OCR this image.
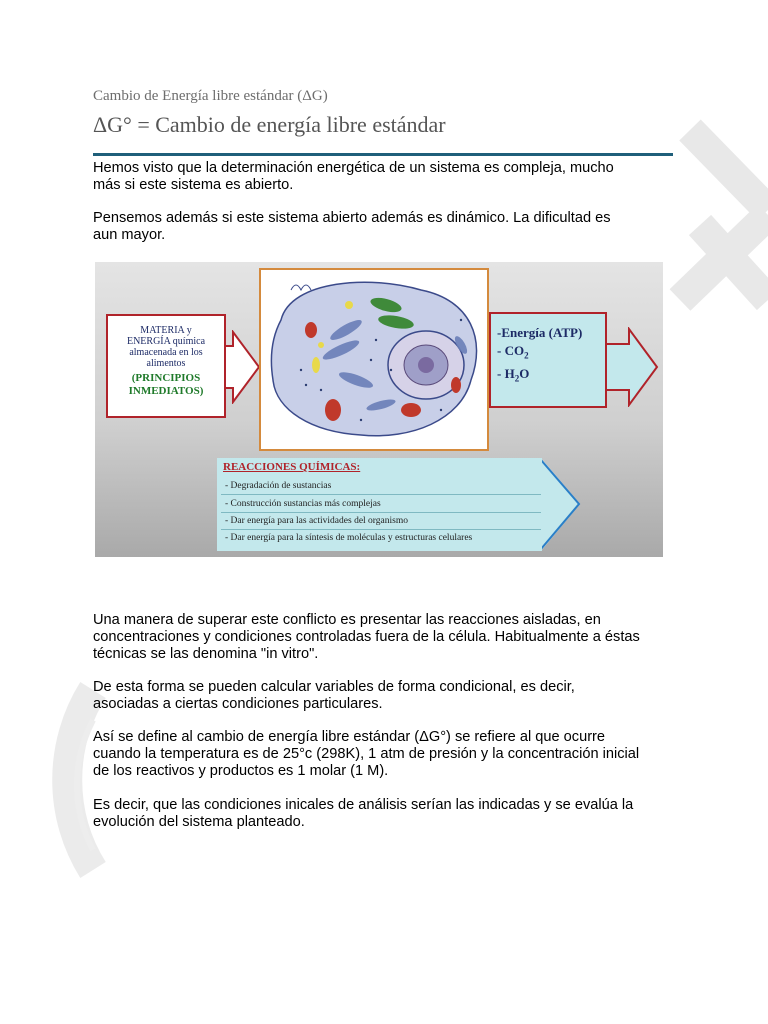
Cambio de Energía libre estándar (ΔG)
ΔG° = Cambio de energía libre estándar
Hemos visto que la determinación energética de un sistema es compleja, mucho
más si este sistema es abierto.
Pensemos además si este sistema abierto además es dinámico. La dificultad es
aun mayor.
MATERIA y
ENERGÍA química
almacenada en los
alimentos
(PRINCIPIOS
INMEDIATOS)
-Energía (ATP)
- $CO_2$
- $H_2O$
REACCIONES QUÍMICAS:
- Degradación de sustancias
- Construcción sustancias más complejas
- Dar energía para las actividades del organismo
- Dar energía para la síntesis de moléculas y estructuras celulares
Una manera de superar este conflicto es presentar las reacciones aisladas, en
concentraciones y condiciones controladas fuera de la célula. Habitualmente a éstas
técnicas se las denomina "in vitro".
De esta forma se pueden calcular variables de forma condicional, es decir,
asociadas a ciertas condiciones particulares.
Así se define al cambio de energía libre estándar (ΔG°) se refiere al que ocurre
cuando la temperatura es de 25°c (298K), 1 atm de presión y la concentración inicial
de los reactivos y productos es 1 molar (1 M).
Es decir, que las condiciones inicales de análisis serían las indicadas y se evalúa la
evolución del sistema planteado.
